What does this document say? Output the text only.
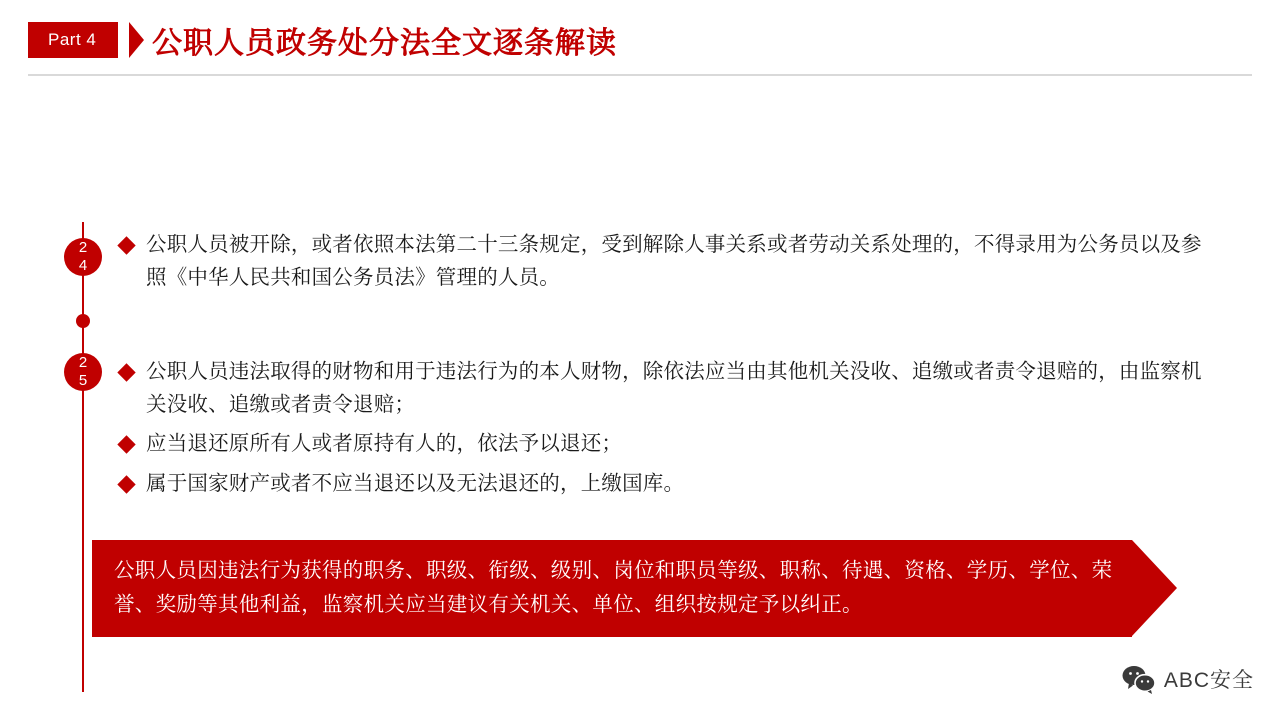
Part 4 公职人员政务处分法全文逐条解读
24
25
公职人员被开除，或者依照本法第二十三条规定，受到解除人事关系或者劳动关系处理的，不得录用为公务员以及参照《中华人民共和国公务员法》管理的人员。
公职人员违法取得的财物和用于违法行为的本人财物，除依法应当由其他机关没收、追缴或者责令退赔的，由监察机关没收、追缴或者责令退赔；
应当退还原所有人或者原持有人的，依法予以退还；
属于国家财产或者不应当退还以及无法退还的，上缴国库。
公职人员因违法行为获得的职务、职级、衔级、级别、岗位和职员等级、职称、待遇、资格、学历、学位、荣誉、奖励等其他利益，监察机关应当建议有关机关、单位、组织按规定予以纠正。
ABC安全
